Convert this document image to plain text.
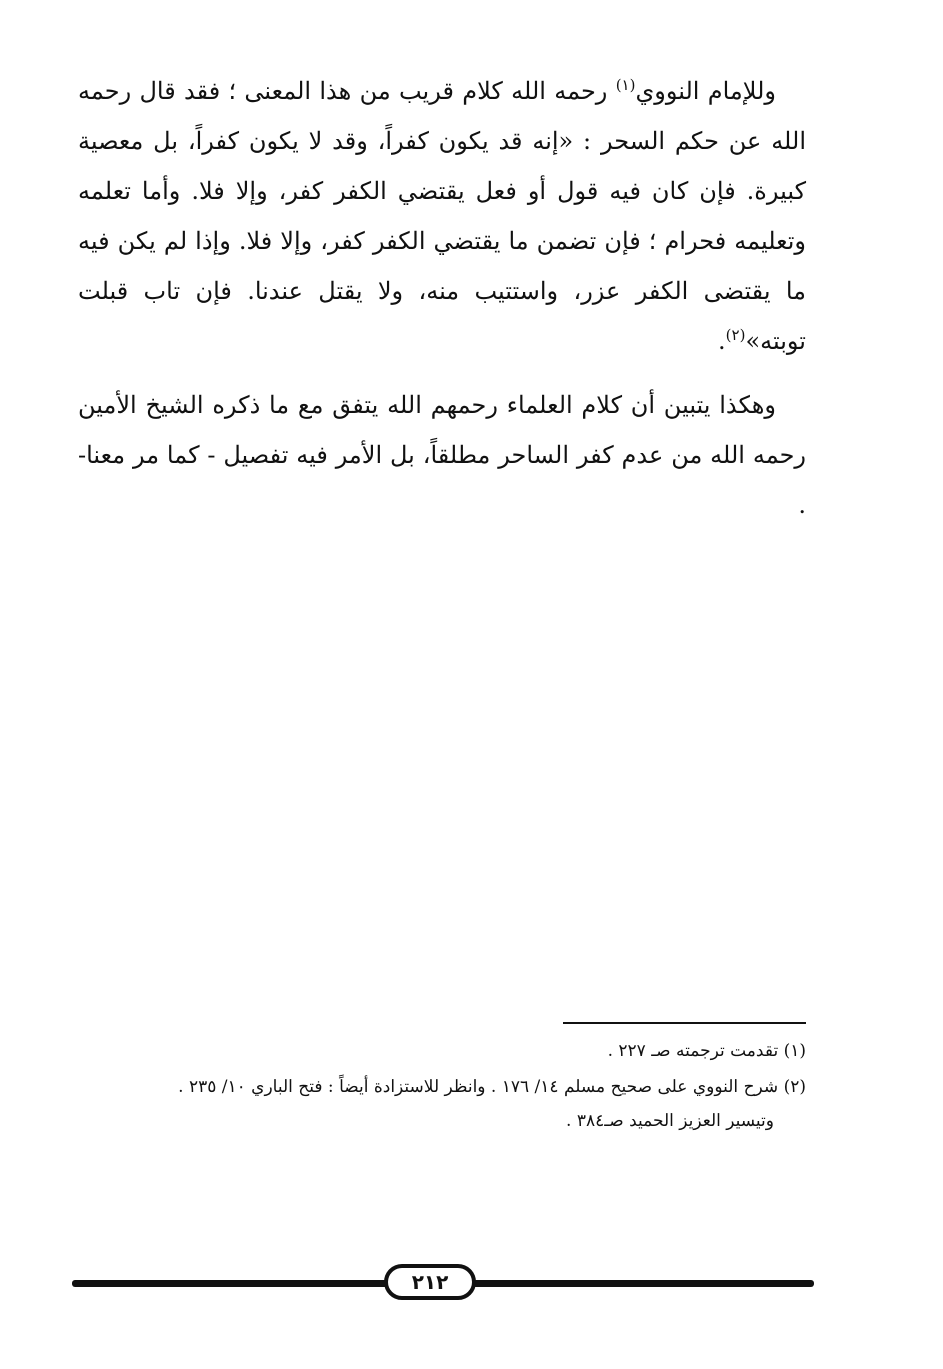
وللإمام النووي$^{(١)}$ رحمه الله كلام قريب من هذا المعنى ؛ فقد قال رحمه الله عن حكم السحر : «إنه قد يكون كفراً، وقد لا يكون كفراً، بل معصية كبيرة. فإن كان فيه قول أو فعل يقتضي الكفر كفر، وإلا فلا. وأما تعلمه وتعليمه فحرام ؛ فإن تضمن ما يقتضي الكفر كفر، وإلا فلا. وإذا لم يكن فيه ما يقتضى الكفر عزر، واستتيب منه، ولا يقتل عندنا. فإن تاب قبلت توبته»$^{(٢)}$.

وهكذا يتبين أن كلام العلماء رحمهم الله يتفق مع ما ذكره الشيخ الأمين رحمه الله من عدم كفر الساحر مطلقاً، بل الأمر فيه تفصيل - كما مر معنا- .

(١) تقدمت ترجمته صـ ٢٢٧ .

(٢) شرح النووي على صحيح مسلم ١٤/ ١٧٦ . وانظر للاستزادة أيضاً : فتح الباري ١٠/ ٢٣٥ .
وتيسير العزيز الحميد صـ٣٨٤ .

٢١٢
